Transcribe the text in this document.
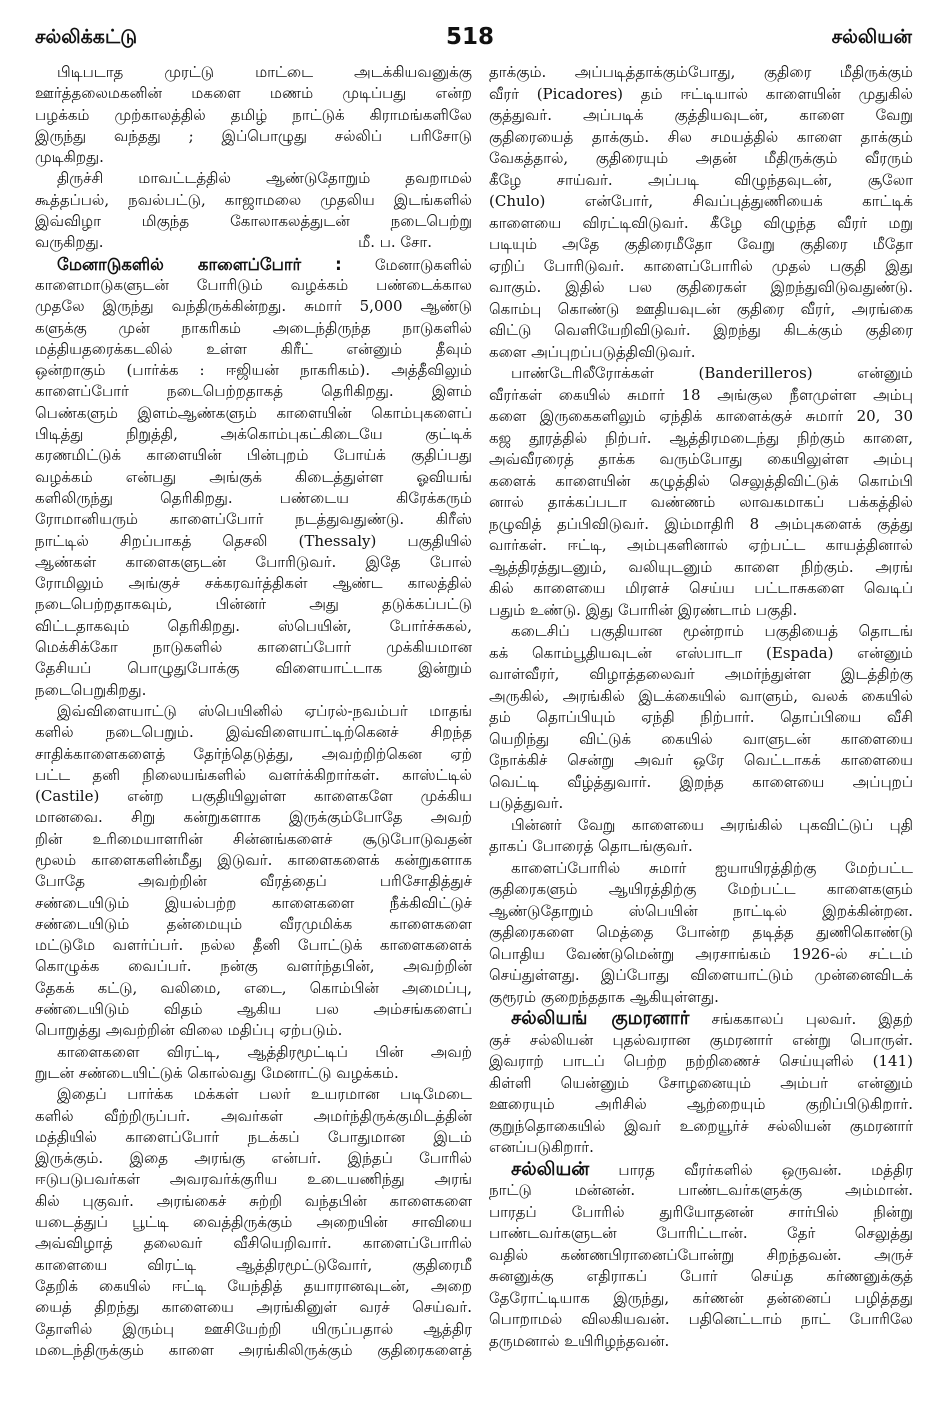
சல்லிக்கட்டு	518	சல்லியன்
பிடிபடாத முரட்டு மாட்டை அடக்கியவனுக்கு
ஊர்த்தலைமகனின் மகளை மணம் முடிப்பது என்ற
பழக்கம் முற்காலத்தில் தமிழ் நாட்டுக் கிராமங்களிலே
இருந்து வந்தது ; இப்பொழுது சல்லிப் பரிசோடு
முடிகிறது.
திருச்சி மாவட்டத்தில் ஆண்டுதோறும் தவறாமல்
கூத்தப்பல், நவல்பட்டு, காஜாமலை முதலிய இடங்களில்
இவ்விழா மிகுந்த கோலாகலத்துடன் நடைபெற்று
மீ. ப. சோ.
வருகிறது.
மேனாடுகளில் காளைப்போர் : மேனாடுகளில்
காளைமாடுகளுடன் போரிடும் வழக்கம் பண்டைக்கால
முதலே இருந்து வந்திருக்கின்றது. சுமார் 5,000 ஆண்டு
களுக்கு முன் நாகரிகம் அடைந்திருந்த நாடுகளில்
மத்தியதரைக்கடலில் உள்ள கிரீட் என்னும் தீவும்
ஒன்றாகும் (பார்க்க : ஈஜியன் நாகரிகம்). அத்தீவிலும்
காளைப்போர் நடைபெற்றதாகத் தெரிகிறது. இளம்
பெண்களும் இளம்ஆண்களும் காளையின் கொம்புகளைப்
பிடித்து நிறுத்தி, அக்கொம்புகட்கிடையே குட்டிக்
கரணமிட்டுக் காளையின் பின்புறம் போய்க் குதிப்பது
வழக்கம் என்பது அங்குக் கிடைத்துள்ள ஓவியங்
களிலிருந்து தெரிகிறது. பண்டைய கிரேக்கரும்
ரோமானியரும் காளைப்போர் நடத்துவதுண்டு. கிரீஸ்
நாட்டில் சிறப்பாகத் தெசலி (Thessaly) பகுதியில்
ஆண்கள் காளைகளுடன் போரிடுவர். இதே போல்
ரோமிலும் அங்குச் சக்கரவர்த்திகள் ஆண்ட காலத்தில்
நடைபெற்றதாகவும், பின்னர் அது தடுக்கப்பட்டு
விட்டதாகவும் தெரிகிறது. ஸ்பெயின், போர்ச்சுகல்,
மெக்சிக்கோ நாடுகளில் காளைப்போர் முக்கியமான
தேசியப் பொழுதுபோக்கு விளையாட்டாக இன்றும்
நடைபெறுகிறது.
இவ்விளையாட்டு ஸ்பெயினில் ஏப்ரல்-நவம்பர் மாதங்
களில் நடைபெறும். இவ்விளையாட்டிற்கெனச் சிறந்த
சாதிக்காளைகளைத் தேர்ந்தெடுத்து, அவற்றிற்கென ஏற்
பட்ட தனி நிலையங்களில் வளர்க்கிறார்கள். காஸ்ட்டில்
(Castile) என்ற பகுதியிலுள்ள காளைகளே முக்கிய
மானவை. சிறு கன்றுகளாக இருக்கும்போதே அவற்
றின் உரிமையாளரின் சின்னங்களைச் சூடுபோடுவதன்
மூலம் காளைகளின்மீது இடுவர். காளைகளைக் கன்றுகளாக
போதே அவற்றின் வீரத்தைப் பரிசோதித்துச்
சண்டையிடும் இயல்பற்ற காளைகளை நீக்கிவிட்டுச்
சண்டையிடும் தன்மையும் வீரமுமிக்க காளைகளை
மட்டுமே வளர்ப்பர். நல்ல தீனி போட்டுக் காளைகளைக்
கொழுக்க வைப்பர். நன்கு வளர்ந்தபின், அவற்றின்
தேகக் கட்டு, வலிமை, எடை, கொம்பின் அமைப்பு,
சண்டையிடும் விதம் ஆகிய பல அம்சங்களைப்
பொறுத்து அவற்றின் விலை மதிப்பு ஏற்படும்.
காளைகளை விரட்டி, ஆத்திரமூட்டிப் பின் அவற்
றுடன் சண்டையிட்டுக் கொல்வது மேனாட்டு வழக்கம்.
இதைப் பார்க்க மக்கள் பலர் உயரமான படிமேடை
களில் வீற்றிருப்பர். அவர்கள் அமர்ந்திருக்குமிடத்தின்
மத்தியில் காளைப்போர் நடக்கப் போதுமான இடம்
இருக்கும். இதை அரங்கு என்பர். இந்தப் போரில்
ஈடுபடுபவர்கள் அவரவர்க்குரிய உடையணிந்து அரங்
கில் புகுவர். அரங்கைச் சுற்றி வந்தபின் காளைகளை
யடைத்துப் பூட்டி வைத்திருக்கும் அறையின் சாவியை
அவ்விழாத் தலைவர் வீசியெறிவார். காளைப்போரில்
காளையை விரட்டி ஆத்திரமூட்டுவோர், குதிரைமீ
தேறிக் கையில் ஈட்டி யேந்தித் தயாரானவுடன், அறை
யைத் திறந்து காளையை அரங்கினுள் வரச் செய்வர்.
தோளில் இரும்பு ஊசியேற்றி யிருப்பதால் ஆத்திர
மடைந்திருக்கும் காளை அரங்கிலிருக்கும் குதிரைகளைத்
தாக்கும். அப்படித்தாக்கும்போது, குதிரை மீதிருக்கும்
வீரர் (Picadores) தம் ஈட்டியால் காளையின் முதுகில்
குத்துவர். அப்படிக் குத்தியவுடன், காளை வேறு
குதிரையைத் தாக்கும். சில சமயத்தில் காளை தாக்கும்
வேகத்தால், குதிரையும் அதன் மீதிருக்கும் வீரரும்
கீழே சாய்வர். அப்படி விழுந்தவுடன், சூலோ
(Chulo) என்போர், சிவப்புத்துணியைக் காட்டிக்
காளையை விரட்டிவிடுவர். கீழே விழுந்த வீரர் மறு
படியும் அதே குதிரைமீதோ வேறு குதிரை மீதோ
ஏறிப் போரிடுவர். காளைப்போரில் முதல் பகுதி இது
வாகும். இதில் பல குதிரைகள் இறந்துவிடுவதுண்டு.
கொம்பு கொண்டு ஊதியவுடன் குதிரை வீரர், அரங்கை
விட்டு வெளியேறிவிடுவர். இறந்து கிடக்கும் குதிரை
களை அப்புறப்படுத்திவிடுவர்.
பாண்டேரிலீரோக்கள் (Banderilleros) என்னும்
வீரர்கள் கையில் சுமார் 18 அங்குல நீளமுள்ள அம்பு
களை இருகைகளிலும் ஏந்திக் காளைக்குச் சுமார் 20, 30
கஜ தூரத்தில் நிற்பர். ஆத்திரமடைந்து நிற்கும் காளை,
அவ்வீரரைத் தாக்க வரும்போது கையிலுள்ள அம்பு
களைக் காளையின் கழுத்தில் செலுத்திவிட்டுக் கொம்பி
னால் தாக்கப்படா வண்ணம் லாவகமாகப் பக்கத்தில்
நழுவித் தப்பிவிடுவர். இம்மாதிரி 8 அம்புகளைக் குத்து
வார்கள். ஈட்டி, அம்புகளினால் ஏற்பட்ட காயத்தினால்
ஆத்திரத்துடனும், வலியுடனும் காளை நிற்கும். அரங்
கில் காளையை மிரளச் செய்ய பட்டாசுகளை வெடிப்
பதும் உண்டு. இது போரின் இரண்டாம் பகுதி.
கடைசிப் பகுதியான மூன்றாம் பகுதியைத் தொடங்
கக் கொம்பூதியவுடன் எஸ்பாடா (Espada) என்னும்
வாள்வீரர், விழாத்தலைவர் அமர்ந்துள்ள இடத்திற்கு
அருகில், அரங்கில் இடக்கையில் வாளும், வலக் கையில்
தம் தொப்பியும் ஏந்தி நிற்பார். தொப்பியை வீசி
யெறிந்து விட்டுக் கையில் வாளுடன் காளையை
நோக்கிச் சென்று அவர் ஒரே வெட்டாகக் காளையை
வெட்டி வீழ்த்துவார். இறந்த காளையை அப்புறப்
படுத்துவர்.
பின்னர் வேறு காளையை அரங்கில் புகவிட்டுப் புதி
தாகப் போரைத் தொடங்குவர்.
காளைப்போரில் சுமார் ஐயாயிரத்திற்கு மேற்பட்ட
குதிரைகளும் ஆயிரத்திற்கு மேற்பட்ட காளைகளும்
ஆண்டுதோறும் ஸ்பெயின் நாட்டில் இறக்கின்றன.
குதிரைகளை மெத்தை போன்ற தடித்த துணிகொண்டு
பொதிய வேண்டுமென்று அரசாங்கம் 1926-ல் சட்டம்
செய்துள்ளது. இப்போது விளையாட்டும் முன்னைவிடக்
குரூரம் குறைந்ததாக ஆகியுள்ளது.
சல்லியங் குமரனார் சங்ககாலப் புலவர். இதற்
குச் சல்லியன் புதல்வரான குமரனார் என்று பொருள்.
இவராற் பாடப் பெற்ற நற்றிணைச் செய்யுளில் (141)
கிள்ளி யென்னும் சோழனையும் அம்பர் என்னும்
ஊரையும் அரிசில் ஆற்றையும் குறிப்பிடுகிறார்.
குறுந்தொகையில் இவர் உறையூர்ச் சல்லியன் குமரனார்
எனப்படுகிறார்.
சல்லியன் பாரத வீரர்களில் ஒருவன். மத்திர
நாட்டு மன்னன். பாண்டவர்களுக்கு அம்மான்.
பாரதப் போரில் துரியோதனன் சார்பில் நின்று
பாண்டவர்களுடன் போரிட்டான். தேர் செலுத்து
வதில் கண்ணபிரானைப்போன்று சிறந்தவன். அருச்
சுனனுக்கு எதிராகப் போர் செய்த கர்ணனுக்குத்
தேரோட்டியாக இருந்து, கர்ணன் தன்னைப் பழித்தது
பொறாமல் விலகியவன். பதினெட்டாம் நாட் போரிலே
தருமனால் உயிரிழந்தவன்.
